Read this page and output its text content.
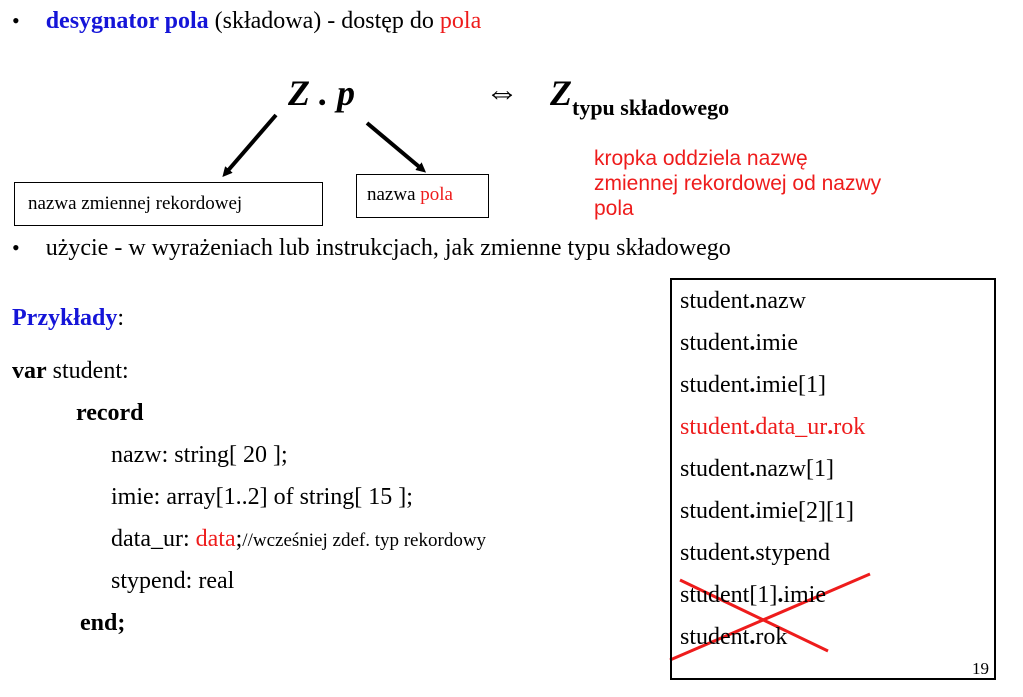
• desygnator pola (składowa) - dostęp do pola
Z . p	⇔ $Z_{typu składowego}$
nazwa zmiennej rekordowej	nazwa pola
kropka oddziela nazwę
zmiennej rekordowej od nazwy
pola
• użycie - w wyrażeniach lub instrukcjach, jak zmienne typu składowego
Przykłady:
var student:
record
nazw: string[ 20 ];
imie: array[1..2] of string[ 15 ];
data_ur: data;//wcześniej zdef. typ rekordowy
stypend: real
end;
student.nazw
student.imie
student.imie[1]
student.data_ur.rok
student.nazw[1]
student.imie[2][1]
student.stypend
student[1].imie
student.rok
19
